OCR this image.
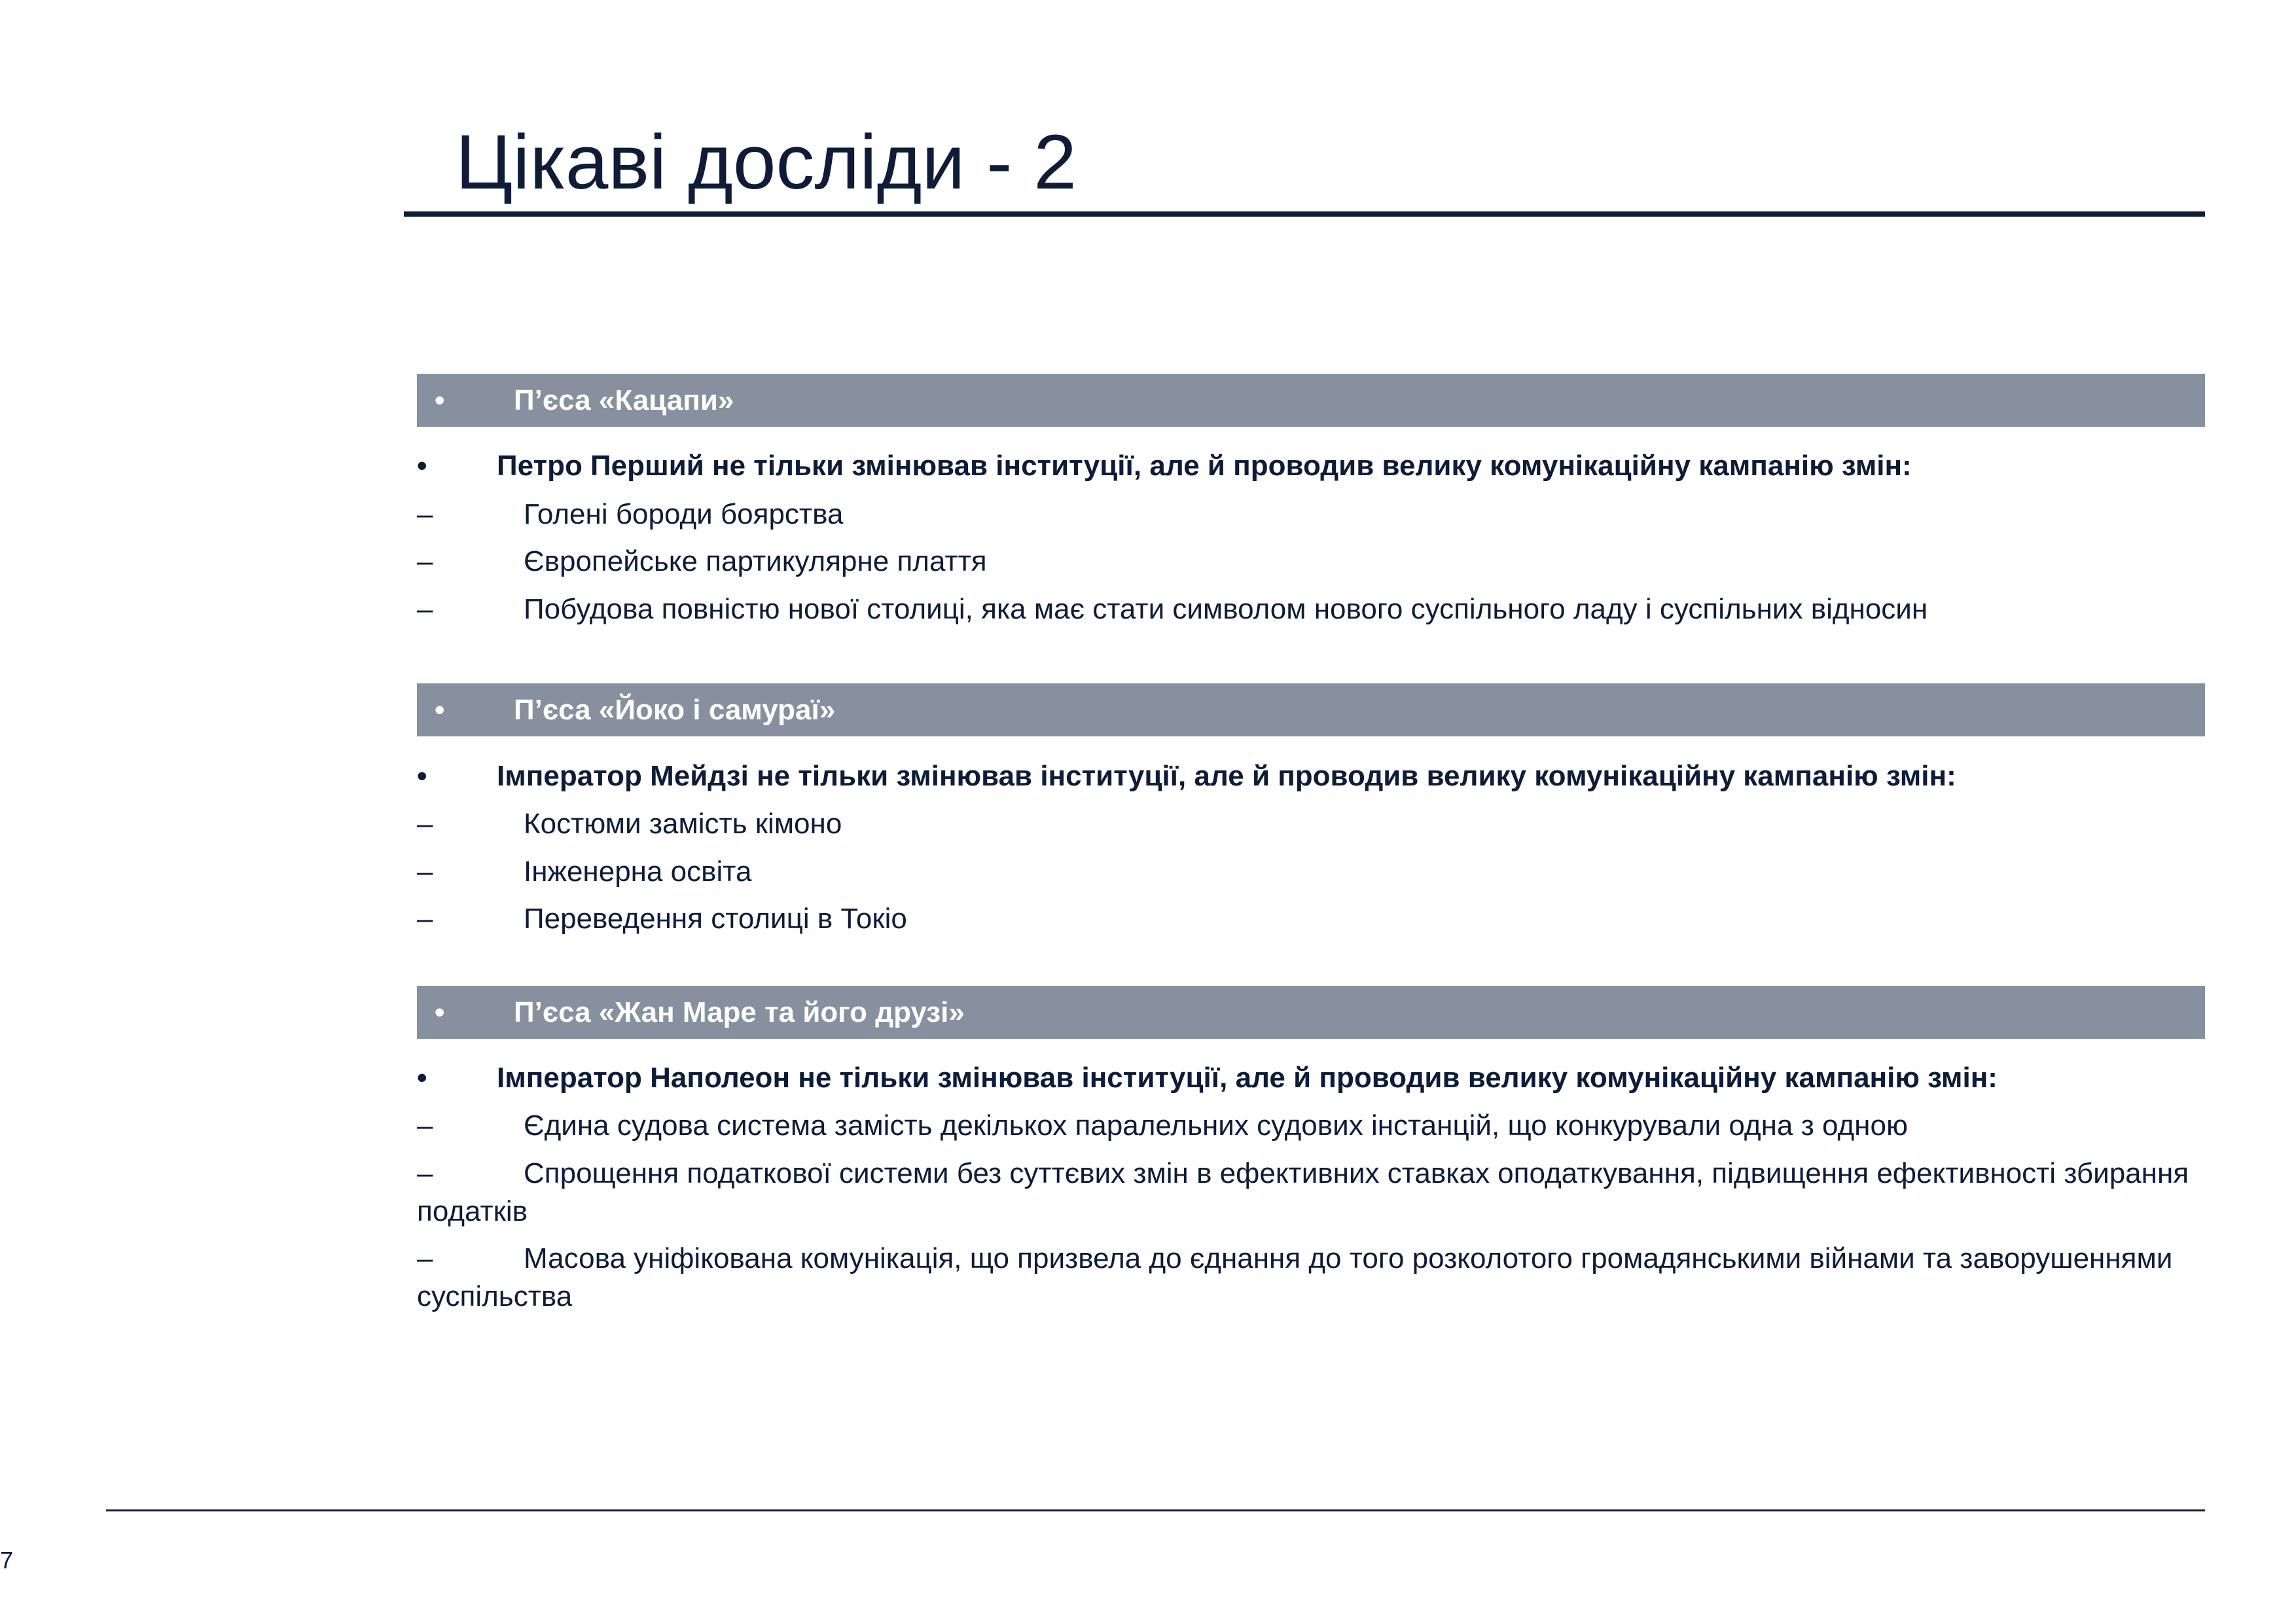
Цікаві досліди - 2
• П’єса «Кацапи»
• Петро Перший не тільки змінював інституції, але й проводив велику комунікаційну кампанію змін:
–	Голені бороди боярства
–	Європейське партикулярне плаття
–	Побудова повністю нової столиці, яка має стати символом нового суспільного ладу і суспільних відносин
• П’єса «Йоко і самураї»
• Імператор Мейдзі не тільки змінював інституції, але й проводив велику комунікаційну кампанію змін:
–	Костюми замість кімоно
–	Інженерна освіта
–	Переведення столиці в Токіо
• П’єса «Жан Маре та його друзі»
• Імператор Наполеон не тільки змінював інституції, але й проводив велику комунікаційну кампанію змін:
–	Єдина судова система замість декількох паралельних судових інстанцій, що конкурували одна з одною
–	Спрощення податкової системи без суттєвих змін в ефективних ставках оподаткування, підвищення ефективності збирання податків
–	Масова уніфікована комунікація, що призвела до єднання до того розколотого громадянськими війнами та заворушеннями суспільства
7
